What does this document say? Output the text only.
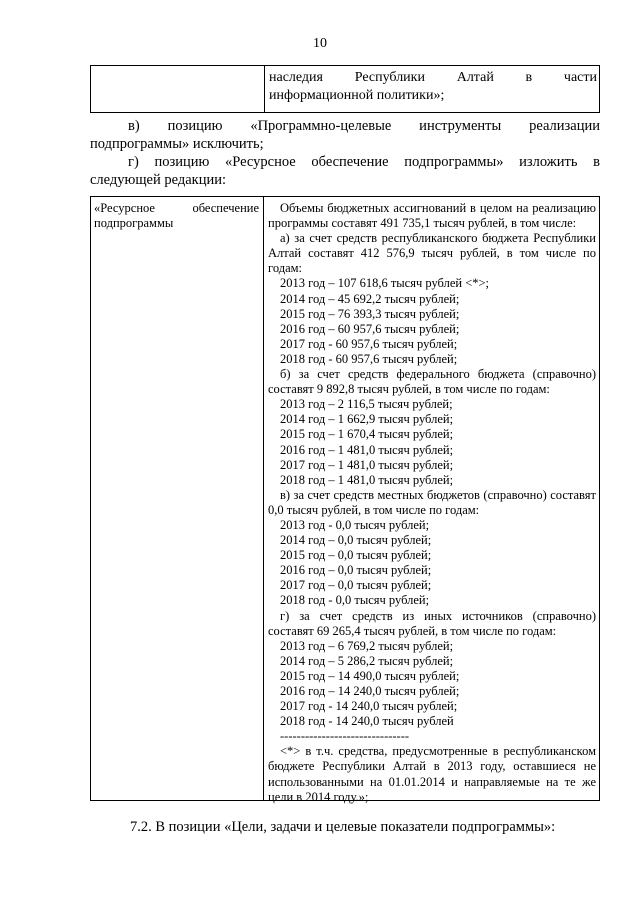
10
наследия Республики Алтай в части
информационной политики»;
в) позицию «Программно-целевые инструменты реализации
подпрограммы» исключить;
г) позицию «Ресурсное обеспечение подпрограммы» изложить в
следующей редакции:
«Ресурсное обеспечение
подпрограммы
Объемы бюджетных ассигнований в целом на реализацию
программы составят 491 735,1 тысяч рублей, в том числе:
а) за счет средств республиканского бюджета Республики
Алтай составят 412 576,9 тысяч рублей, в том числе по
годам:
2013 год – 107 618,6 тысяч рублей <*>;
2014 год – 45 692,2 тысяч рублей;
2015 год – 76 393,3 тысяч рублей;
2016 год – 60 957,6 тысяч рублей;
2017 год - 60 957,6 тысяч рублей;
2018 год - 60 957,6 тысяч рублей;
б) за счет средств федерального бюджета (справочно)
составят 9 892,8 тысяч рублей, в том числе по годам:
2013 год – 2 116,5 тысяч рублей;
2014 год – 1 662,9 тысяч рублей;
2015 год – 1 670,4 тысяч рублей;
2016 год – 1 481,0 тысяч рублей;
2017 год – 1 481,0 тысяч рублей;
2018 год – 1 481,0 тысяч рублей;
в) за счет средств местных бюджетов (справочно) составят
0,0 тысяч рублей, в том числе по годам:
2013 год - 0,0 тысяч рублей;
2014 год – 0,0 тысяч рублей;
2015 год – 0,0 тысяч рублей;
2016 год – 0,0 тысяч рублей;
2017 год – 0,0 тысяч рублей;
2018 год - 0,0 тысяч рублей;
г) за счет средств из иных источников (справочно)
составят 69 265,4 тысяч рублей, в том числе по годам:
2013 год – 6 769,2 тысяч рублей;
2014 год – 5 286,2 тысяч рублей;
2015 год – 14 490,0 тысяч рублей;
2016 год – 14 240,0 тысяч рублей;
2017 год - 14 240,0 тысяч рублей;
2018 год - 14 240,0 тысяч рублей
-------------------------------
<*> в т.ч. средства, предусмотренные в республиканском
бюджете Республики Алтай в 2013 году, оставшиеся не
использованными на 01.01.2014 и направляемые на те же
цели в 2014 году.»;
7.2. В позиции «Цели, задачи и целевые показатели подпрограммы»:
